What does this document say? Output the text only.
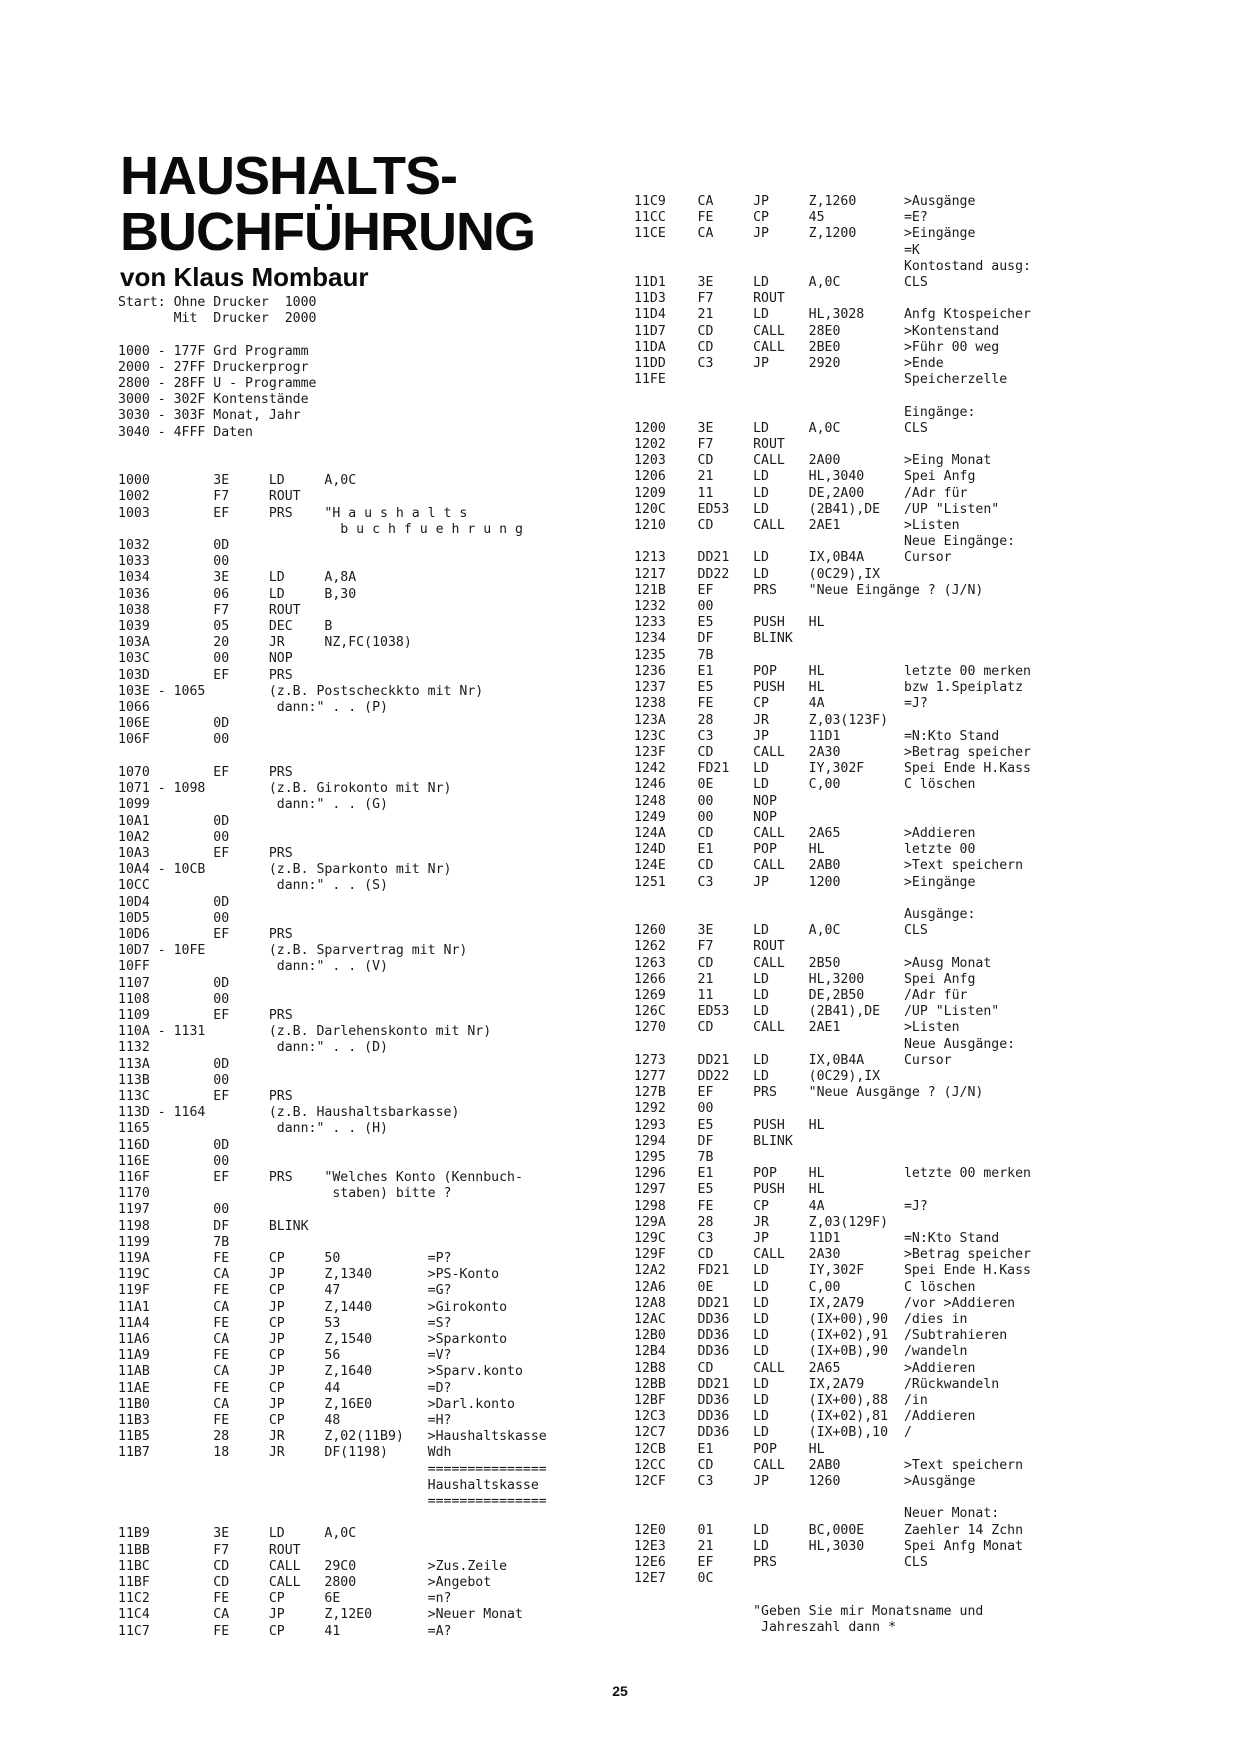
HAUSHALTS-
BUCHFÜHRUNG
von Klaus Mombaur
Start: Ohne Drucker  1000
Mit  Drucker  2000

1000 - 177F Grd Programm
2000 - 27FF Druckerprogr
2800 - 28FF U - Programme
3000 - 302F Kontenstände
3030 - 303F Monat, Jahr
3040 - 4FFF Daten

1000        3E     LD     A,0C
1002        F7     ROUT
1003        EF     PRS    "H a u s h a l t s
b u c h f u e h r u n g
1032        0D
1033        00
1034        3E     LD     A,8A
1036        06     LD     B,30
1038        F7     ROUT
1039        05     DEC    B
103A        20     JR     NZ,FC(1038)
103C        00     NOP
103D        EF     PRS
103E - 1065        (z.B. Postscheckkto mit Nr)
1066                dann:" . . (P)
106E        0D
106F        00

1070        EF     PRS
1071 - 1098        (z.B. Girokonto mit Nr)
1099                dann:" . . (G)
10A1        0D
10A2        00
10A3        EF     PRS
10A4 - 10CB        (z.B. Sparkonto mit Nr)
10CC                dann:" . . (S)
10D4        0D
10D5        00
10D6        EF     PRS
10D7 - 10FE        (z.B. Sparvertrag mit Nr)
10FF                dann:" . . (V)
1107        0D
1108        00
1109        EF     PRS
110A - 1131        (z.B. Darlehenskonto mit Nr)
1132                dann:" . . (D)
113A        0D
113B        00
113C        EF     PRS
113D - 1164        (z.B. Haushaltsbarkasse)
1165                dann:" . . (H)
116D        0D
116E        00
116F        EF     PRS    "Welches Konto (Kennbuch-
1170                       staben) bitte ?
1197        00
1198        DF     BLINK
1199        7B
119A        FE     CP     50           =P?
119C        CA     JP     Z,1340       >PS-Konto
119F        FE     CP     47           =G?
11A1        CA     JP     Z,1440       >Girokonto
11A4        FE     CP     53           =S?
11A6        CA     JP     Z,1540       >Sparkonto
11A9        FE     CP     56           =V?
11AB        CA     JP     Z,1640       >Sparv.konto
11AE        FE     CP     44           =D?
11B0        CA     JP     Z,16E0       >Darl.konto
11B3        FE     CP     48           =H?
11B5        28     JR     Z,02(11B9)   >Haushaltskasse
11B7        18     JR     DF(1198)     Wdh
===============
Haushaltskasse
===============

11B9        3E     LD     A,0C
11BB        F7     ROUT
11BC        CD     CALL   29C0         >Zus.Zeile
11BF        CD     CALL   2800         >Angebot
11C2        FE     CP     6E           =n?
11C4        CA     JP     Z,12E0       >Neuer Monat
11C7        FE     CP     41           =A?
11C9    CA     JP     Z,1260      >Ausgänge
11CC    FE     CP     45          =E?
11CE    CA     JP     Z,1200      >Eingänge
=K
Kontostand ausg:
11D1    3E     LD     A,0C        CLS
11D3    F7     ROUT
11D4    21     LD     HL,3028     Anfg Ktospeicher
11D7    CD     CALL   28E0        >Kontenstand
11DA    CD     CALL   2BE0        >Führ 00 weg
11DD    C3     JP     2920        >Ende
11FE                              Speicherzelle

Eingänge:
1200    3E     LD     A,0C        CLS
1202    F7     ROUT
1203    CD     CALL   2A00        >Eing Monat
1206    21     LD     HL,3040     Spei Anfg
1209    11     LD     DE,2A00     /Adr für
120C    ED53   LD     (2B41),DE   /UP "Listen"
1210    CD     CALL   2AE1        >Listen
Neue Eingänge:
1213    DD21   LD     IX,0B4A     Cursor
1217    DD22   LD     (0C29),IX
121B    EF     PRS    "Neue Eingänge ? (J/N)
1232    00
1233    E5     PUSH   HL
1234    DF     BLINK
1235    7B
1236    E1     POP    HL          letzte 00 merken
1237    E5     PUSH   HL          bzw 1.Speiplatz
1238    FE     CP     4A          =J?
123A    28     JR     Z,03(123F)
123C    C3     JP     11D1        =N:Kto Stand
123F    CD     CALL   2A30        >Betrag speicher
1242    FD21   LD     IY,302F     Spei Ende H.Kass
1246    0E     LD     C,00        C löschen
1248    00     NOP
1249    00     NOP
124A    CD     CALL   2A65        >Addieren
124D    E1     POP    HL          letzte 00
124E    CD     CALL   2AB0        >Text speichern
1251    C3     JP     1200        >Eingänge

Ausgänge:
1260    3E     LD     A,0C        CLS
1262    F7     ROUT
1263    CD     CALL   2B50        >Ausg Monat
1266    21     LD     HL,3200     Spei Anfg
1269    11     LD     DE,2B50     /Adr für
126C    ED53   LD     (2B41),DE   /UP "Listen"
1270    CD     CALL   2AE1        >Listen
Neue Ausgänge:
1273    DD21   LD     IX,0B4A     Cursor
1277    DD22   LD     (0C29),IX
127B    EF     PRS    "Neue Ausgänge ? (J/N)
1292    00
1293    E5     PUSH   HL
1294    DF     BLINK
1295    7B
1296    E1     POP    HL          letzte 00 merken
1297    E5     PUSH   HL
1298    FE     CP     4A          =J?
129A    28     JR     Z,03(129F)
129C    C3     JP     11D1        =N:Kto Stand
129F    CD     CALL   2A30        >Betrag speicher
12A2    FD21   LD     IY,302F     Spei Ende H.Kass
12A6    0E     LD     C,00        C löschen
12A8    DD21   LD     IX,2A79     /vor >Addieren
12AC    DD36   LD     (IX+00),90  /dies in
12B0    DD36   LD     (IX+02),91  /Subtrahieren
12B4    DD36   LD     (IX+0B),90  /wandeln
12B8    CD     CALL   2A65        >Addieren
12BB    DD21   LD     IX,2A79     /Rückwandeln
12BF    DD36   LD     (IX+00),88  /in
12C3    DD36   LD     (IX+02),81  /Addieren
12C7    DD36   LD     (IX+0B),10  /
12CB    E1     POP    HL
12CC    CD     CALL   2AB0        >Text speichern
12CF    C3     JP     1260        >Ausgänge

Neuer Monat:
12E0    01     LD     BC,000E     Zaehler 14 Zchn
12E3    21     LD     HL,3030     Spei Anfg Monat
12E6    EF     PRS                CLS
12E7    0C

"Geben Sie mir Monatsname und
Jahreszahl dann *
25
